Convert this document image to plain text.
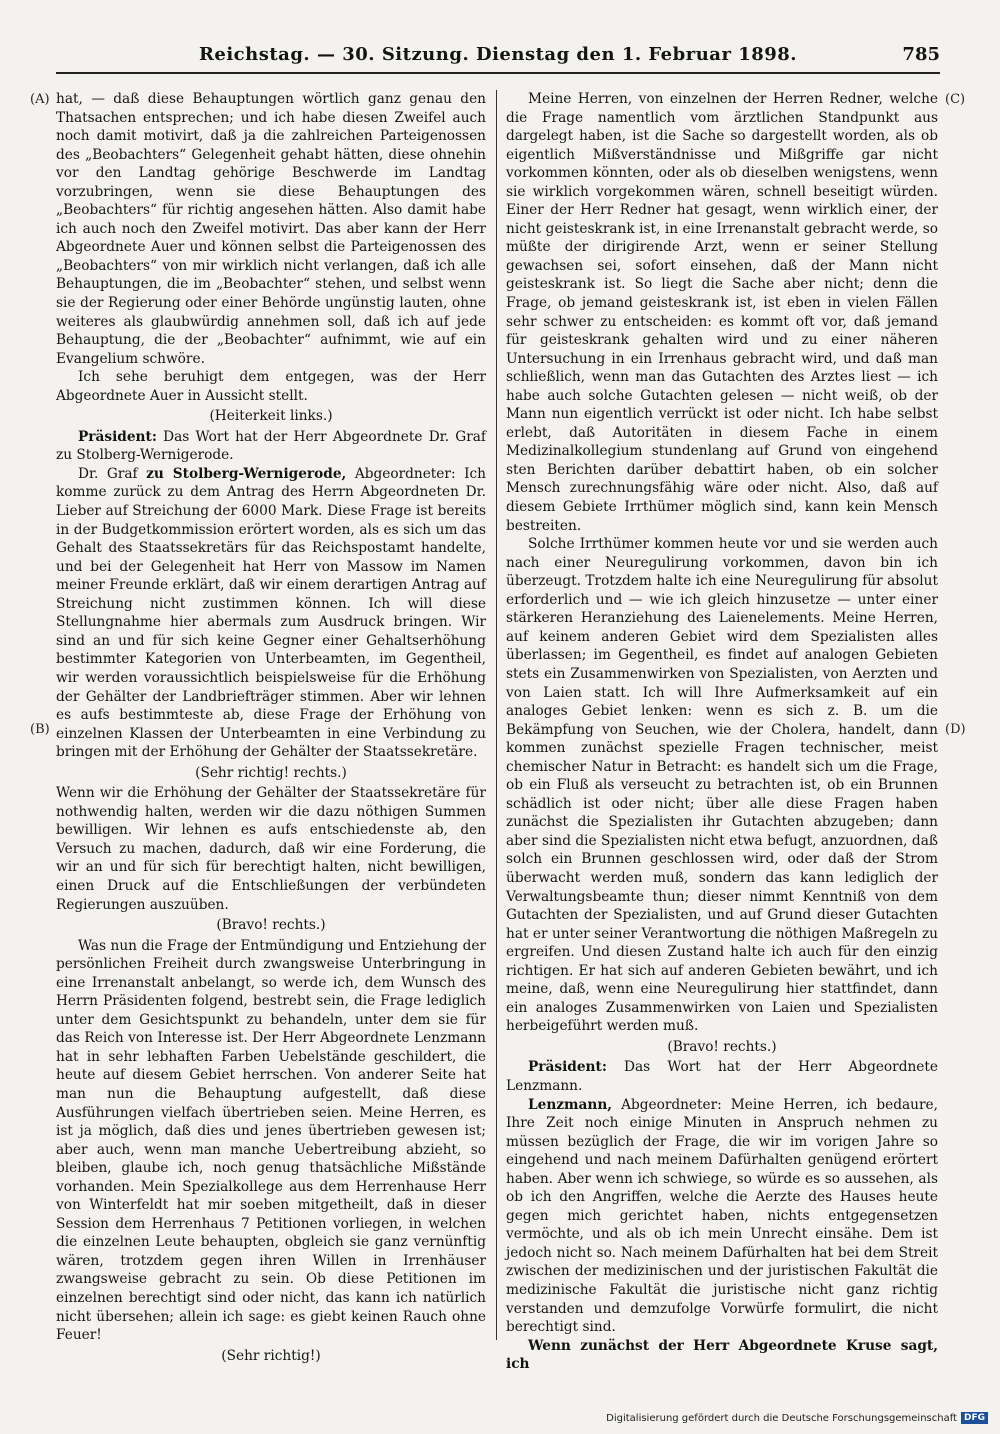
Reichstag. — 30. Sitzung. Dienstag den 1. Februar 1898.	785
(A)
(B)
(C)
(D)

hat, — daß diese Behauptungen wörtlich ganz genau den Thatsachen entsprechen; und ich habe diesen Zweifel auch noch damit motivirt, daß ja die zahlreichen Parteigenossen des „Beobachters“ Gelegenheit gehabt hätten, diese ohnehin vor den Landtag gehörige Beschwerde im Landtag vorzubringen, wenn sie diese Behauptungen des „Beobachters“ für richtig angesehen hätten. Also damit habe ich auch noch den Zweifel motivirt. Das aber kann der Herr Abgeordnete Auer und können selbst die Parteigenossen des „Beobachters“ von mir wirklich nicht verlangen, daß ich alle Behauptungen, die im „Beobachter“ stehen, und selbst wenn sie der Regierung oder einer Behörde ungünstig lauten, ohne weiteres als glaubwürdig annehmen soll, daß ich auf jede Behauptung, die der „Beobachter“ aufnimmt, wie auf ein Evangelium schwöre.

Ich sehe beruhigt dem entgegen, was der Herr Abgeordnete Auer in Aussicht stellt.

(Heiterkeit links.)

Präsident: Das Wort hat der Herr Abgeordnete Dr. Graf zu Stolberg-Wernigerode.

Dr. Graf zu Stolberg-Wernigerode, Abgeordneter: Ich komme zurück zu dem Antrag des Herrn Abgeordneten Dr. Lieber auf Streichung der 6000 Mark. Diese Frage ist bereits in der Budgetkommission erörtert worden, als es sich um das Gehalt des Staatssekretärs für das Reichspostamt handelte, und bei der Gelegenheit hat Herr von Massow im Namen meiner Freunde erklärt, daß wir einem derartigen Antrag auf Streichung nicht zustimmen können. Ich will diese Stellungnahme hier abermals zum Ausdruck bringen. Wir sind an und für sich keine Gegner einer Gehaltserhöhung bestimmter Kategorien von Unterbeamten, im Gegentheil, wir werden voraussichtlich beispielsweise für die Erhöhung der Gehälter der Landbriefträger stimmen. Aber wir lehnen es aufs bestimmteste ab, diese Frage der Erhöhung von einzelnen Klassen der Unterbeamten in eine Verbindung zu bringen mit der Erhöhung der Gehälter der Staatssekretäre.

(Sehr richtig! rechts.)

Wenn wir die Erhöhung der Gehälter der Staatssekretäre für nothwendig halten, werden wir die dazu nöthigen Summen bewilligen. Wir lehnen es aufs entschiedenste ab, den Versuch zu machen, dadurch, daß wir eine Forderung, die wir an und für sich für berechtigt halten, nicht bewilligen, einen Druck auf die Entschließungen der verbündeten Regierungen auszuüben.

(Bravo! rechts.)

Was nun die Frage der Entmündigung und Entziehung der persönlichen Freiheit durch zwangsweise Unterbringung in eine Irrenanstalt anbelangt, so werde ich, dem Wunsch des Herrn Präsidenten folgend, bestrebt sein, die Frage lediglich unter dem Gesichtspunkt zu behandeln, unter dem sie für das Reich von Interesse ist. Der Herr Abgeordnete Lenzmann hat in sehr lebhaften Farben Uebelstände geschildert, die heute auf diesem Gebiet herrschen. Von anderer Seite hat man nun die Behauptung aufgestellt, daß diese Ausführungen vielfach übertrieben seien. Meine Herren, es ist ja möglich, daß dies und jenes übertrieben gewesen ist; aber auch, wenn man manche Uebertreibung abzieht, so bleiben, glaube ich, noch genug thatsächliche Mißstände vorhanden. Mein Spezialkollege aus dem Herrenhause Herr von Winterfeldt hat mir soeben mitgetheilt, daß in dieser Session dem Herrenhaus 7 Petitionen vorliegen, in welchen die einzelnen Leute behaupten, obgleich sie ganz vernünftig wären, trotzdem gegen ihren Willen in Irrenhäuser zwangsweise gebracht zu sein. Ob diese Petitionen im einzelnen berechtigt sind oder nicht, das kann ich natürlich nicht übersehen; allein ich sage: es giebt keinen Rauch ohne Feuer!

(Sehr richtig!)

Meine Herren, von einzelnen der Herren Redner, welche die Frage namentlich vom ärztlichen Standpunkt aus dargelegt haben, ist die Sache so dargestellt worden, als ob eigentlich Mißverständnisse und Mißgriffe gar nicht vorkommen könnten, oder als ob dieselben wenigstens, wenn sie wirklich vorgekommen wären, schnell beseitigt würden. Einer der Herr Redner hat gesagt, wenn wirklich einer, der nicht geisteskrank ist, in eine Irrenanstalt gebracht werde, so müßte der dirigirende Arzt, wenn er seiner Stellung gewachsen sei, sofort einsehen, daß der Mann nicht geisteskrank ist. So liegt die Sache aber nicht; denn die Frage, ob jemand geisteskrank ist, ist eben in vielen Fällen sehr schwer zu entscheiden: es kommt oft vor, daß jemand für geisteskrank gehalten wird und zu einer näheren Untersuchung in ein Irrenhaus gebracht wird, und daß man schließlich, wenn man das Gutachten des Arztes liest — ich habe auch solche Gutachten gelesen — nicht weiß, ob der Mann nun eigentlich verrückt ist oder nicht. Ich habe selbst erlebt, daß Autoritäten in diesem Fache in einem Medizinalkollegium stundenlang auf Grund von eingehend sten Berichten darüber debattirt haben, ob ein solcher Mensch zurechnungsfähig wäre oder nicht. Also, daß auf diesem Gebiete Irrthümer möglich sind, kann kein Mensch bestreiten.

Solche Irrthümer kommen heute vor und sie werden auch nach einer Neuregulirung vorkommen, davon bin ich überzeugt. Trotzdem halte ich eine Neuregulirung für absolut erforderlich und — wie ich gleich hinzusetze — unter einer stärkeren Heranziehung des Laienelements. Meine Herren, auf keinem anderen Gebiet wird dem Spezialisten alles überlassen; im Gegentheil, es findet auf analogen Gebieten stets ein Zusammenwirken von Spezialisten, von Aerzten und von Laien statt. Ich will Ihre Aufmerksamkeit auf ein analoges Gebiet lenken: wenn es sich z. B. um die Bekämpfung von Seuchen, wie der Cholera, handelt, dann kommen zunächst spezielle Fragen technischer, meist chemischer Natur in Betracht: es handelt sich um die Frage, ob ein Fluß als verseucht zu betrachten ist, ob ein Brunnen schädlich ist oder nicht; über alle diese Fragen haben zunächst die Spezialisten ihr Gutachten abzugeben; dann aber sind die Spezialisten nicht etwa befugt, anzuordnen, daß solch ein Brunnen geschlossen wird, oder daß der Strom überwacht werden muß, sondern das kann lediglich der Verwaltungsbeamte thun; dieser nimmt Kenntniß von dem Gutachten der Spezialisten, und auf Grund dieser Gutachten hat er unter seiner Verantwortung die nöthigen Maßregeln zu ergreifen. Und diesen Zustand halte ich auch für den einzig richtigen. Er hat sich auf anderen Gebieten bewährt, und ich meine, daß, wenn eine Neuregulirung hier stattfindet, dann ein analoges Zusammenwirken von Laien und Spezialisten herbeigeführt werden muß.

(Bravo! rechts.)

Präsident: Das Wort hat der Herr Abgeordnete Lenzmann.

Lenzmann, Abgeordneter: Meine Herren, ich bedaure, Ihre Zeit noch einige Minuten in Anspruch nehmen zu müssen bezüglich der Frage, die wir im vorigen Jahre so eingehend und nach meinem Dafürhalten genügend erörtert haben. Aber wenn ich schwiege, so würde es so aussehen, als ob ich den Angriffen, welche die Aerzte des Hauses heute gegen mich gerichtet haben, nichts entgegensetzen vermöchte, und als ob ich mein Unrecht einsähe. Dem ist jedoch nicht so. Nach meinem Dafürhalten hat bei dem Streit zwischen der medizinischen und der juristischen Fakultät die medizinische Fakultät die juristische nicht ganz richtig verstanden und demzufolge Vorwürfe formulirt, die nicht berechtigt sind.

Wenn zunächst der Herr Abgeordnete Kruse sagt, ich

Digitalisierung gefördert durch die Deutsche Forschungsgemeinschaft DFG
